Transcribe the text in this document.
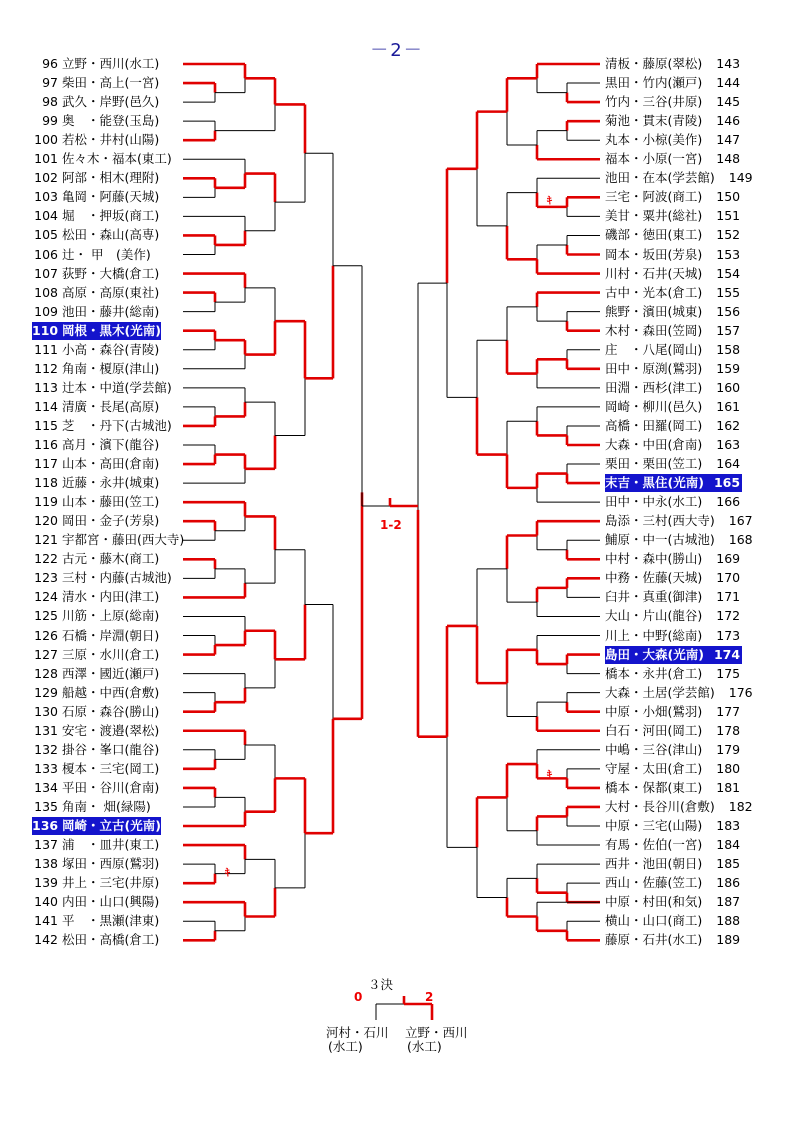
－2－
96 立野・西川(水工)
97 柴田・高上(一宮)
98 武久・岸野(邑久)
99 奥　・能登(玉島)
100 若松・井村(山陽)
101 佐々木・福本(東工)
102 阿部・相木(理附)
103 亀岡・阿藤(天城)
104 堀　・押坂(商工)
105 松田・森山(高専)
106 辻・ 甲　(美作)
107 荻野・大橋(倉工)
108 高原・高原(東社)
109 池田・藤井(総南)
110 岡根・黒木(光南)
111 小高・森谷(青陵)
112 角南・榎原(津山)
113 辻本・中道(学芸館)
114 清廣・長尾(高原)
115 芝　・丹下(古城池)
116 高月・濱下(龍谷)
117 山本・高田(倉南)
118 近藤・永井(城東)
119 山本・藤田(笠工)
120 岡田・金子(芳泉)
121 宇都宮・藤田(西大寺)
122 古元・藤木(商工)
123 三村・内藤(古城池)
124 清水・内田(津工)
125 川筋・上原(総南)
126 石橋・岸淵(朝日)
127 三原・水川(倉工)
128 西澤・國近(瀬戸)
129 船越・中西(倉敷)
130 石原・森谷(勝山)
131 安宅・渡邉(翠松)
132 掛谷・峯口(龍谷)
133 榎本・三宅(岡工)
134 平田・谷川(倉南)
135 角南・ 畑(緑陽)
136 岡崎・立古(光南)
137 浦　・皿井(東工)
138 塚田・西原(鷲羽)
139 井上・三宅(井原)
140 内田・山口(興陽)
141 平　・黒瀬(津東)
142 松田・高橋(倉工)
清板・藤原(翠松) 143
黒田・竹内(瀬戸) 144
竹内・三谷(井原) 145
菊池・貫末(青陵) 146
丸本・小椋(美作) 147
福本・小原(一宮) 148
池田・在本(学芸館) 149
三宅・阿波(商工) 150
美甘・粟井(総社) 151
磯部・徳田(東工) 152
岡本・坂田(芳泉) 153
川村・石井(天城) 154
古中・光本(倉工) 155
熊野・濱田(城東) 156
木村・森田(笠岡) 157
庄　・八尾(岡山) 158
田中・原渕(鷲羽) 159
田淵・西杉(津工) 160
岡崎・柳川(邑久) 161
高橋・田羅(岡工) 162
大森・中田(倉南) 163
栗田・栗田(笠工) 164
末吉・黒住(光南) 165
田中・中永(水工) 166
島添・三村(西大寺) 167
鯆原・中一(古城池) 168
中村・森中(勝山) 169
中務・佐藤(天城) 170
臼井・真重(御津) 171
大山・片山(龍谷) 172
川上・中野(総南) 173
島田・大森(光南) 174
橋本・永井(倉工) 175
大森・土居(学芸館) 176
中原・小畑(鷲羽) 177
白石・河田(岡工) 178
中嶋・三谷(津山) 179
守屋・太田(倉工) 180
橋本・保都(東工) 181
大村・長谷川(倉敷) 182
中原・三宅(山陽) 183
有馬・佐伯(一宮) 184
西井・池田(朝日) 185
西山・佐藤(笠工) 186
中原・村田(和気) 187
横山・山口(商工) 188
藤原・石井(水工) 189
1-2
ｷ
ｷ
ｷ
３決
0	2
河村・石川
(水工)
立野・西川
(水工)
